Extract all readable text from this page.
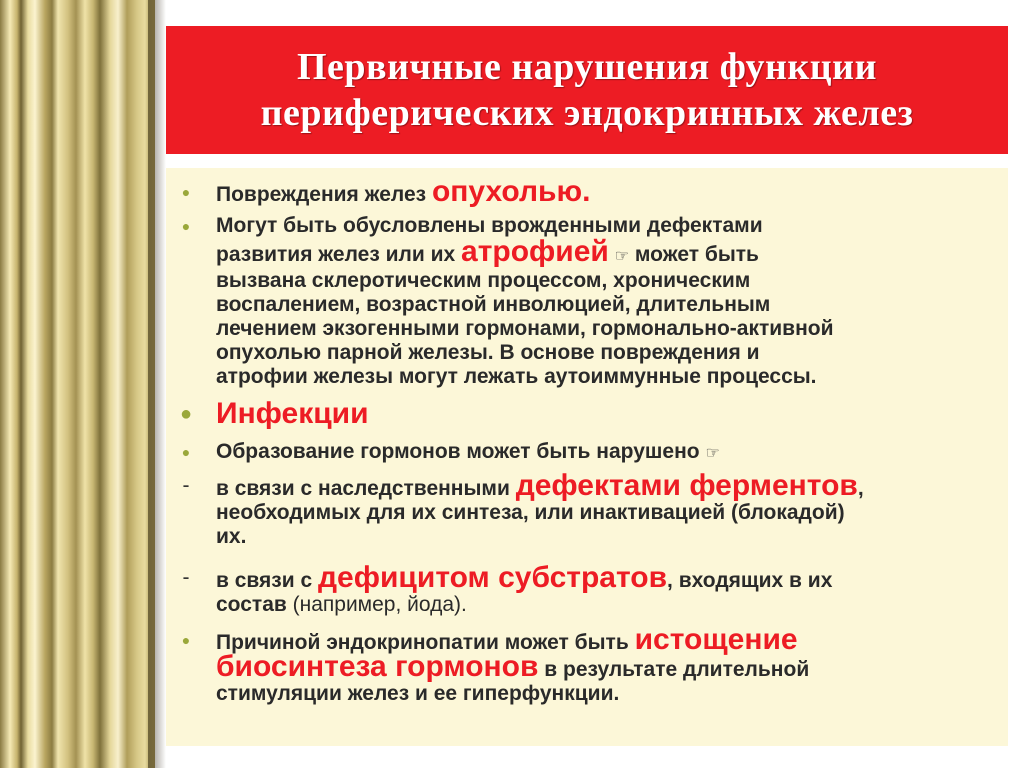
Первичные нарушения функции
периферических эндокринных желез
● Повреждения желез опухолью.
● Могут быть обусловлены врожденными дефектами
развития желез или их атрофией ☞ может быть
вызвана склеротическим процессом, хроническим
воспалением, возрастной инволюцией, длительным
лечением экзогенными гормонами, гормонально-активной
опухолью парной железы. В основе повреждения и
атрофии железы могут лежать аутоиммунные процессы.
● Инфекции
● Образование гормонов может быть нарушено ☞
- в связи с наследственными дефектами ферментов,
необходимых для их синтеза, или инактивацией (блокадой)
их.
- в связи с дефицитом субстратов, входящих в их
состав (например, йода).
● Причиной эндокринопатии может быть истощение
биосинтеза гормонов в результате длительной
стимуляции желез и ее гиперфункции.
